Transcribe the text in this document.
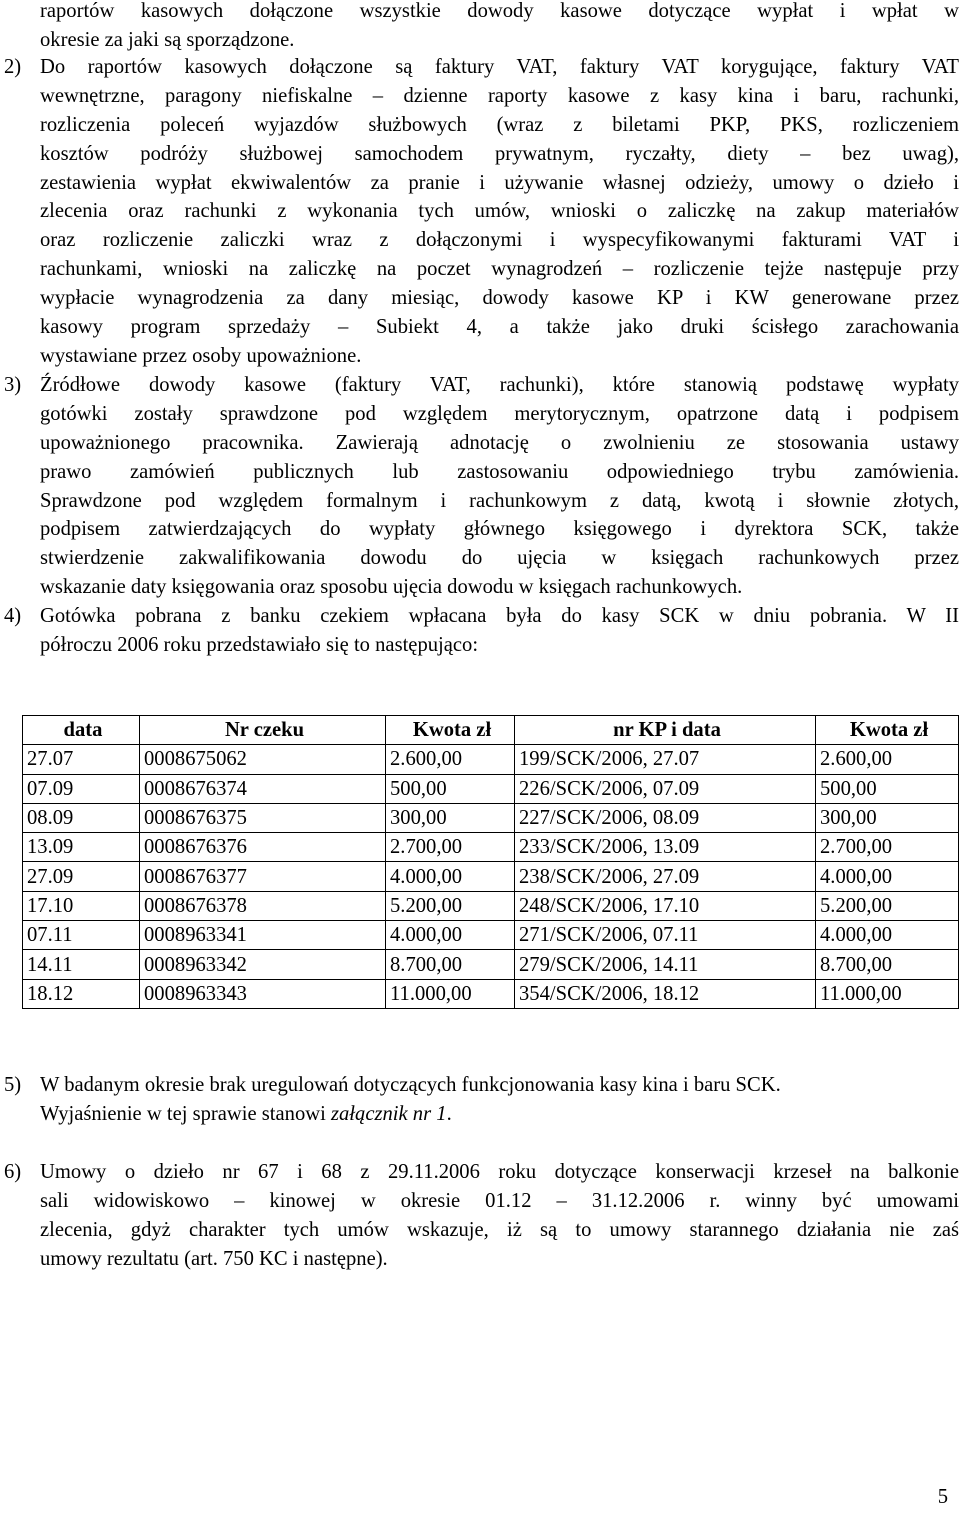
raportów kasowych dołączone wszystkie dowody kasowe dotyczące wypłat i wpłat w
okresie za jaki są sporządzone.
2) Do raportów kasowych dołączone są faktury VAT, faktury VAT korygujące, faktury VAT
wewnętrzne, paragony niefiskalne – dzienne raporty kasowe z kasy kina i baru, rachunki,
rozliczenia poleceń wyjazdów służbowych (wraz z biletami PKP, PKS, rozliczeniem
kosztów podróży służbowej samochodem prywatnym, ryczałty, diety – bez uwag),
zestawienia wypłat ekwiwalentów za pranie i używanie własnej odzieży, umowy o dzieło i
zlecenia oraz rachunki z wykonania tych umów, wnioski o zaliczkę na zakup materiałów
oraz rozliczenie zaliczki wraz z dołączonymi i wyspecyfikowanymi fakturami VAT i
rachunkami, wnioski na zaliczkę na poczet wynagrodzeń – rozliczenie tejże następuje przy
wypłacie wynagrodzenia za dany miesiąc, dowody kasowe KP i KW generowane przez
kasowy program sprzedaży – Subiekt 4, a także jako druki ścisłego zarachowania
wystawiane przez osoby upoważnione.
3) Źródłowe dowody kasowe (faktury VAT, rachunki), które stanowią podstawę wypłaty
gotówki zostały sprawdzone pod względem merytorycznym, opatrzone datą i podpisem
upoważnionego pracownika. Zawierają adnotację o zwolnieniu ze stosowania ustawy
prawo zamówień publicznych lub zastosowaniu odpowiedniego trybu zamówienia.
Sprawdzone pod względem formalnym i rachunkowym z datą, kwotą i słownie złotych,
podpisem zatwierdzających do wypłaty głównego księgowego i dyrektora SCK, także
stwierdzenie zakwalifikowania dowodu do ujęcia w księgach rachunkowych przez
wskazanie daty księgowania oraz sposobu ujęcia dowodu w księgach rachunkowych.
4) Gotówka pobrana z banku czekiem wpłacana była do kasy SCK w dniu pobrania. W II
półroczu 2006 roku przedstawiało się to następująco:
data	Nr czeku	Kwota zł	nr KP i data	Kwota zł
27.07	0008675062	2.600,00	199/SCK/2006, 27.07	2.600,00
07.09	0008676374	500,00	226/SCK/2006, 07.09	500,00
08.09	0008676375	300,00	227/SCK/2006, 08.09	300,00
13.09	0008676376	2.700,00	233/SCK/2006, 13.09	2.700,00
27.09	0008676377	4.000,00	238/SCK/2006, 27.09	4.000,00
17.10	0008676378	5.200,00	248/SCK/2006, 17.10	5.200,00
07.11	0008963341	4.000,00	271/SCK/2006, 07.11	4.000,00
14.11	0008963342	8.700,00	279/SCK/2006, 14.11	8.700,00
18.12	0008963343	11.000,00	354/SCK/2006, 18.12	11.000,00
5) W badanym okresie brak uregulowań dotyczących funkcjonowania kasy kina i baru SCK.
Wyjaśnienie w tej sprawie stanowi załącznik nr 1.
6) Umowy o dzieło nr 67 i 68 z 29.11.2006 roku dotyczące konserwacji krzeseł na balkonie
sali widowiskowo – kinowej w okresie 01.12 – 31.12.2006 r. winny być umowami
zlecenia, gdyż charakter tych umów wskazuje, iż są to umowy starannego działania nie zaś
umowy rezultatu (art. 750 KC i następne).
5
